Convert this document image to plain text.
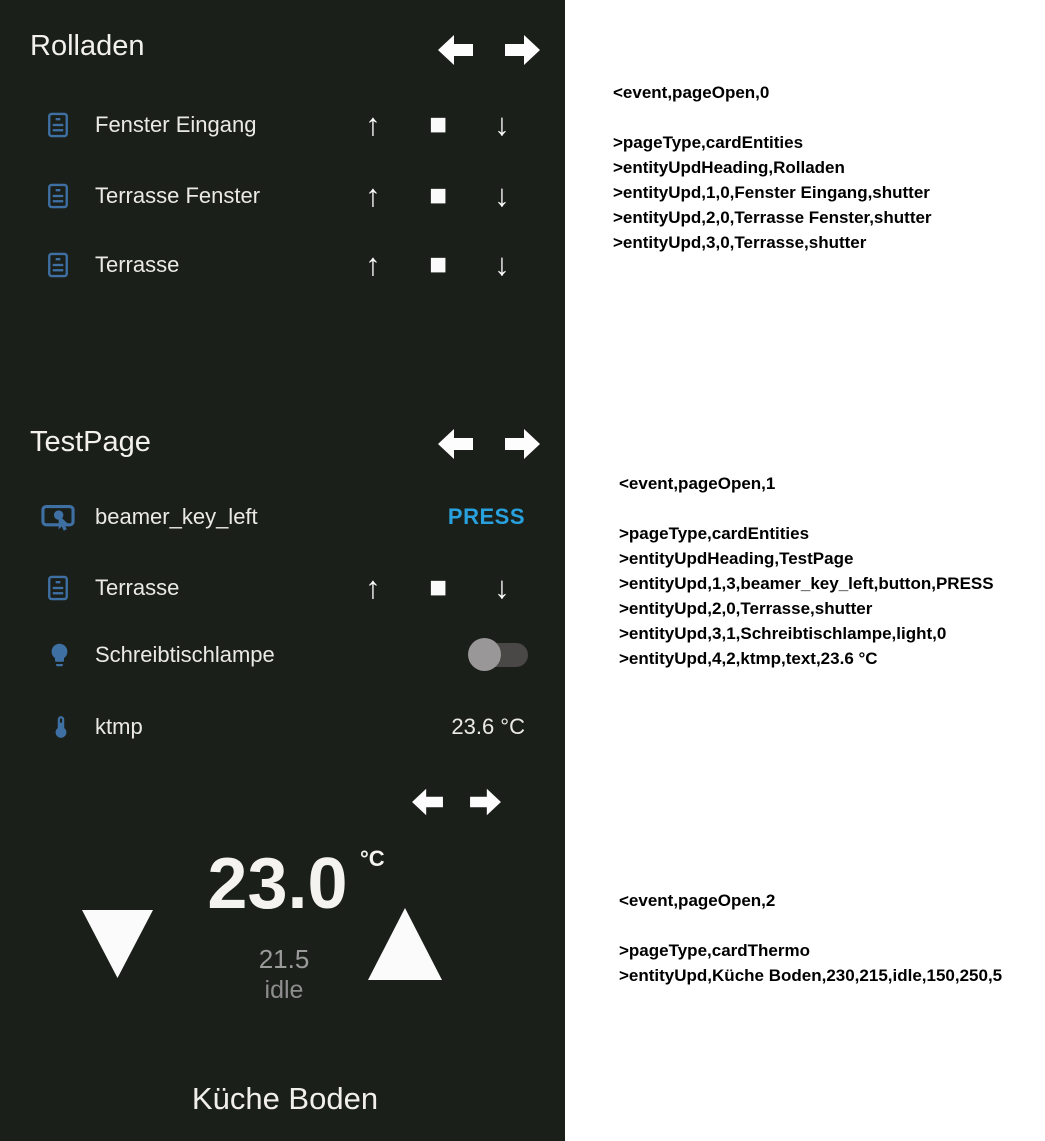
Rolladen
Fenster Eingang	↑	■	↓
Terrasse Fenster	↑	■	↓
Terrasse	↑	■	↓
TestPage
beamer_key_left	PRESS
Terrasse	↑	■	↓
Schreibtischlampe
ktmp	23.6 °C
23.0 °C
21.5
idle
Küche Boden
<event,pageOpen,0
>pageType,cardEntities
>entityUpdHeading,Rolladen
>entityUpd,1,0,Fenster Eingang,shutter
>entityUpd,2,0,Terrasse Fenster,shutter
>entityUpd,3,0,Terrasse,shutter
<event,pageOpen,1
>pageType,cardEntities
>entityUpdHeading,TestPage
>entityUpd,1,3,beamer_key_left,button,PRESS
>entityUpd,2,0,Terrasse,shutter
>entityUpd,3,1,Schreibtischlampe,light,0
>entityUpd,4,2,ktmp,text,23.6 °C
<event,pageOpen,2
>pageType,cardThermo
>entityUpd,Küche Boden,230,215,idle,150,250,5
